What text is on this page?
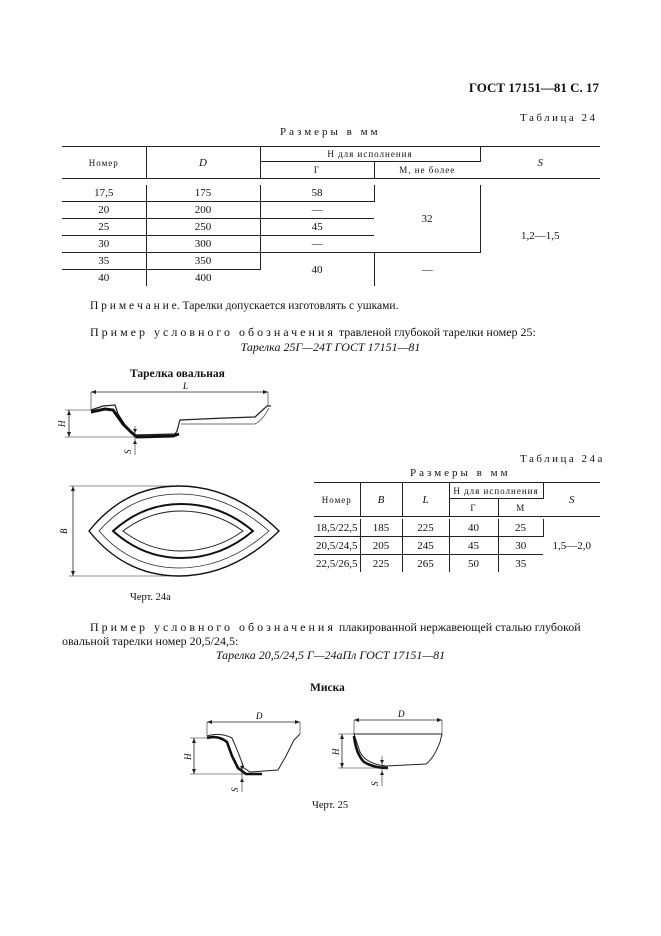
ГОСТ 17151—81 С. 17
Таблица 24
Размеры в мм
Номер	D	H для исполнения		S
		Г	М, не более	

17,5	175	58	32	1,2—1,5
20	200	—		
25	250	45		
30	300	—		
35	350	40	—	
40	400			
П р и м е ч а н и е. Тарелки допускается изготовлять с ушками.
Пример условного обозначения травленой глубокой тарелки номер 25:
Тарелка 25Г—24Т ГОСТ 17151—81
Тарелка овальная
L
H
S
B
Черт. 24а
Таблица 24а
Размеры в мм
Номер	B	L	H для исполнения		S
			Г	М	

18,5/22,5	185	225	40	25	1,5—2,0
20,5/24,5	205	245	45	30	
22,5/26,5	225	265	50	35	
Пример условного обозначения плакированной нержавеющей сталью глубокой
овальной тарелки номер 20,5/24,5:
Тарелка 20,5/24,5 Г—24аПл ГОСТ 17151—81
Миска
D
H
S
D
H
S
Черт. 25
